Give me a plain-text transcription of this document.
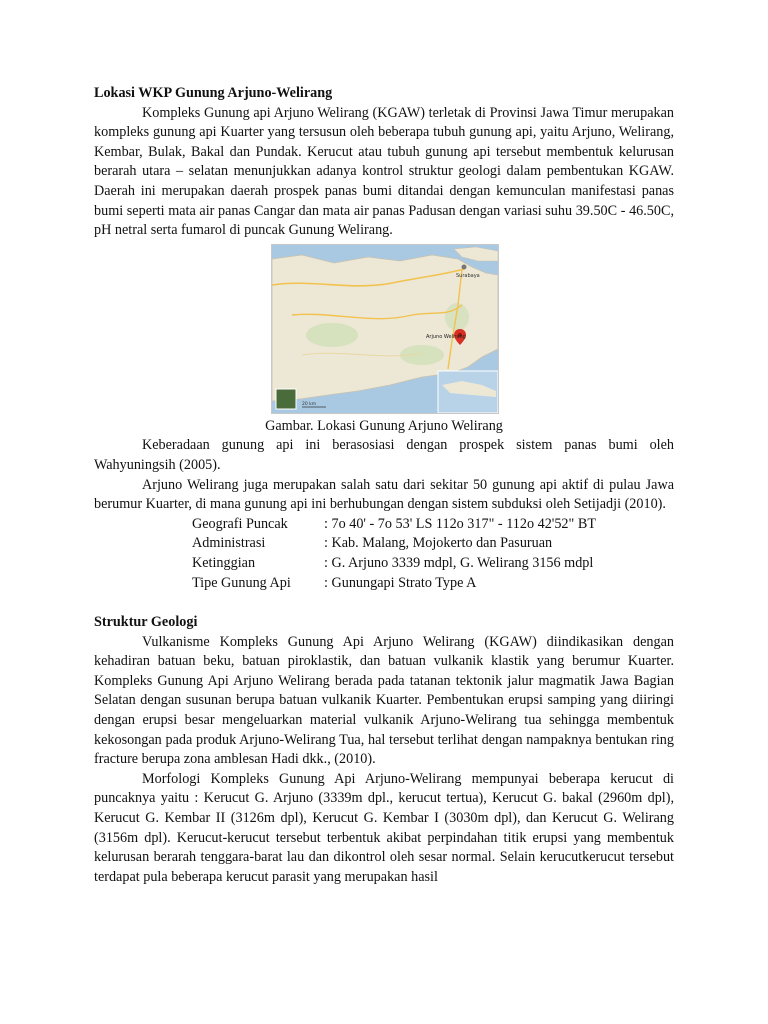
Lokasi WKP Gunung Arjuno-Welirang

Kompleks Gunung api Arjuno Welirang (KGAW) terletak di Provinsi Jawa Timur merupakan kompleks gunung api Kuarter yang tersusun oleh beberapa tubuh gunung api, yaitu Arjuno, Welirang, Kembar, Bulak, Bakal dan Pundak. Kerucut atau tubuh gunung api tersebut membentuk kelurusan berarah utara – selatan menunjukkan adanya kontrol struktur geologi dalam pembentukan KGAW. Daerah ini merupakan daerah prospek panas bumi ditandai dengan kemunculan manifestasi panas bumi seperti mata air panas Cangar dan mata air panas Padusan dengan variasi suhu 39.50C - 46.50C, pH netral serta fumarol di puncak Gunung Welirang.

Surabaya
Arjuno Welirang
20 km
Gambar. Lokasi Gunung Arjuno Welirang

Keberadaan gunung api ini berasosiasi dengan prospek sistem panas bumi oleh Wahyuningsih (2005).

Arjuno Welirang juga merupakan salah satu dari sekitar 50 gunung api aktif di pulau Jawa berumur Kuarter, di mana gunung api ini berhubungan dengan sistem subduksi oleh Setijadji (2010).

Geografi Puncak	: 7o 40' - 7o 53' LS 112o 317" - 112o 42'52" BT
Administrasi	: Kab. Malang, Mojokerto dan Pasuruan
Ketinggian	: G. Arjuno 3339 mdpl, G. Welirang 3156 mdpl
Tipe Gunung Api	: Gunungapi Strato Type A
Struktur Geologi

Vulkanisme Kompleks Gunung Api Arjuno Welirang (KGAW) diindikasikan dengan kehadiran batuan beku, batuan piroklastik, dan batuan vulkanik klastik yang berumur Kuarter. Kompleks Gunung Api Arjuno Welirang berada pada tatanan tektonik jalur magmatik Jawa Bagian Selatan dengan susunan berupa batuan vulkanik Kuarter. Pembentukan erupsi samping yang diiringi dengan erupsi besar mengeluarkan material vulkanik Arjuno-Welirang tua sehingga membentuk kekosongan pada produk Arjuno-Welirang Tua, hal tersebut terlihat dengan nampaknya bentukan ring fracture berupa zona amblesan Hadi dkk., (2010).

Morfologi Kompleks Gunung Api Arjuno-Welirang mempunyai beberapa kerucut di puncaknya yaitu : Kerucut G. Arjuno (3339m dpl., kerucut tertua), Kerucut G. bakal (2960m dpl), Kerucut G. Kembar II (3126m dpl), Kerucut G. Kembar I (3030m dpl), dan Kerucut G. Welirang (3156m dpl). Kerucut-kerucut tersebut terbentuk akibat perpindahan titik erupsi yang membentuk kelurusan berarah tenggara-barat lau dan dikontrol oleh sesar normal. Selain kerucutkerucut tersebut terdapat pula beberapa kerucut parasit yang merupakan hasil
